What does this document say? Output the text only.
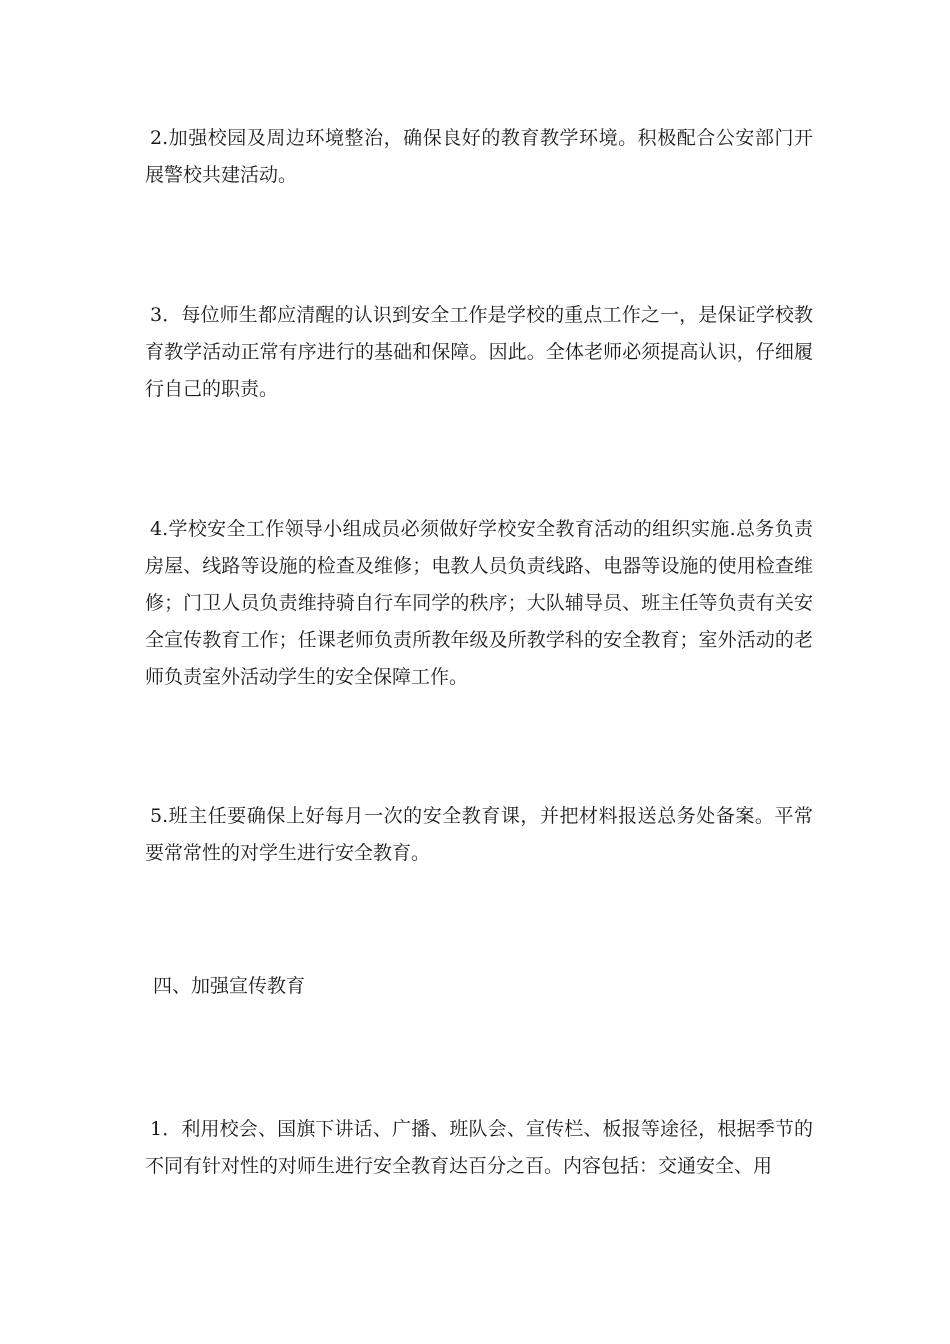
2.加强校园及周边环境整治，确保良好的教育教学环境。积极配合公安部门开展警校共建活动。

3．每位师生都应清醒的认识到安全工作是学校的重点工作之一，是保证学校教育教学活动正常有序进行的基础和保障。因此。全体老师必须提高认识，仔细履行自己的职责。

4.学校安全工作领导小组成员必须做好学校安全教育活动的组织实施.总务负责房屋、线路等设施的检查及维修；电教人员负责线路、电器等设施的使用检查维修；门卫人员负责维持骑自行车同学的秩序；大队辅导员、班主任等负责有关安全宣传教育工作；任课老师负责所教年级及所教学科的安全教育；室外活动的老师负责室外活动学生的安全保障工作。

5.班主任要确保上好每月一次的安全教育课，并把材料报送总务处备案。平常要常常性的对学生进行安全教育。

四、加强宣传教育

1．利用校会、国旗下讲话、广播、班队会、宣传栏、板报等途径，根据季节的不同有针对性的对师生进行安全教育达百分之百。内容包括：交通安全、用
